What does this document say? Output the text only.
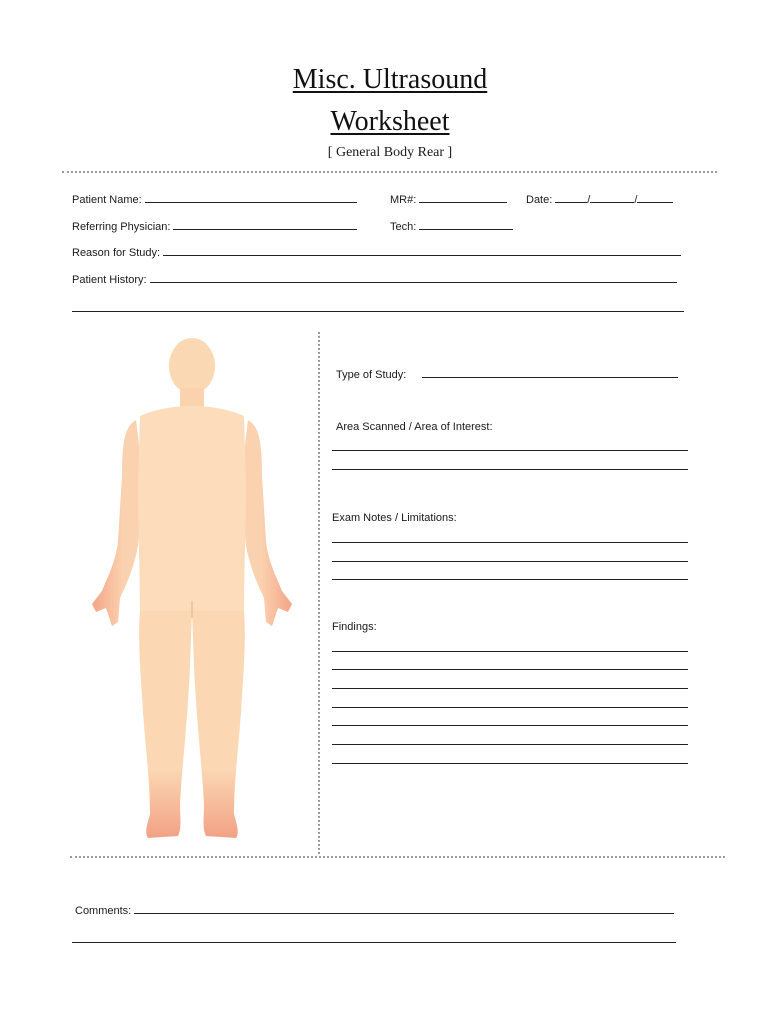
Misc. Ultrasound
Worksheet
[ General Body Rear ]
Patient Name:	MR#:	Date:	/	/
Referring Physician:	Tech:
Reason for Study:
Patient History:
Type of Study:
Area Scanned / Area of Interest:
Exam Notes / Limitations:
Findings:
Comments:
